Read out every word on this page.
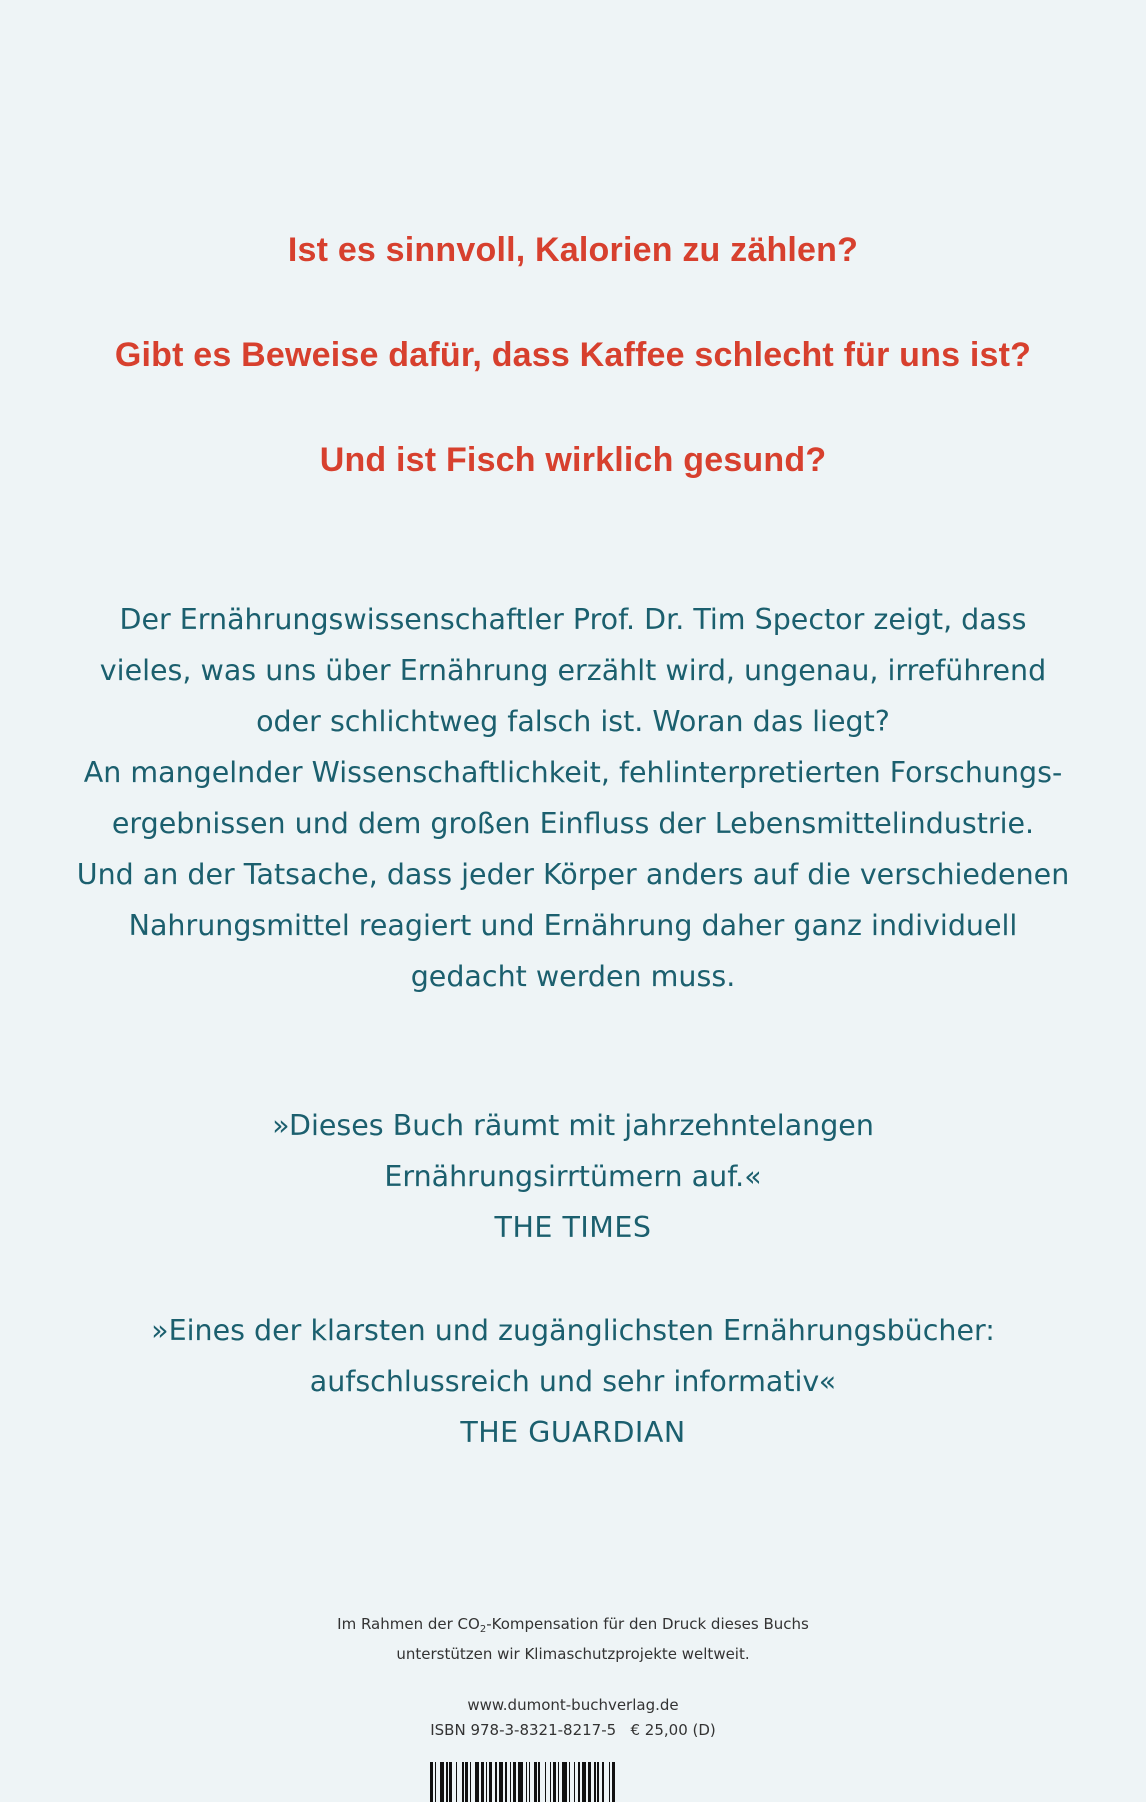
Ist es sinnvoll, Kalorien zu zählen?
Gibt es Beweise dafür, dass Kaffee schlecht für uns ist?
Und ist Fisch wirklich gesund?
Der Ernährungswissenschaftler Prof. Dr. Tim Spector zeigt, dass
vieles, was uns über Ernährung erzählt wird, ungenau, irreführend
oder schlichtweg falsch ist. Woran das liegt?
An mangelnder Wissenschaftlichkeit, fehlinterpretierten Forschungs-
ergebnissen und dem großen Einfluss der Lebensmittelindustrie.
Und an der Tatsache, dass jeder Körper anders auf die verschiedenen
Nahrungsmittel reagiert und Ernährung daher ganz individuell
gedacht werden muss.
»Dieses Buch räumt mit jahrzehntelangen
Ernährungsirrtümern auf.«
THE TIMES
»Eines der klarsten und zugänglichsten Ernährungsbücher:
aufschlussreich und sehr informativ«
THE GUARDIAN
Im Rahmen der $CO_2$-Kompensation für den Druck dieses Buchs
unterstützen wir Klimaschutzprojekte weltweit.
www.dumont-buchverlag.de
ISBN 978-3-8321-8217-5   € 25,00 (D)
